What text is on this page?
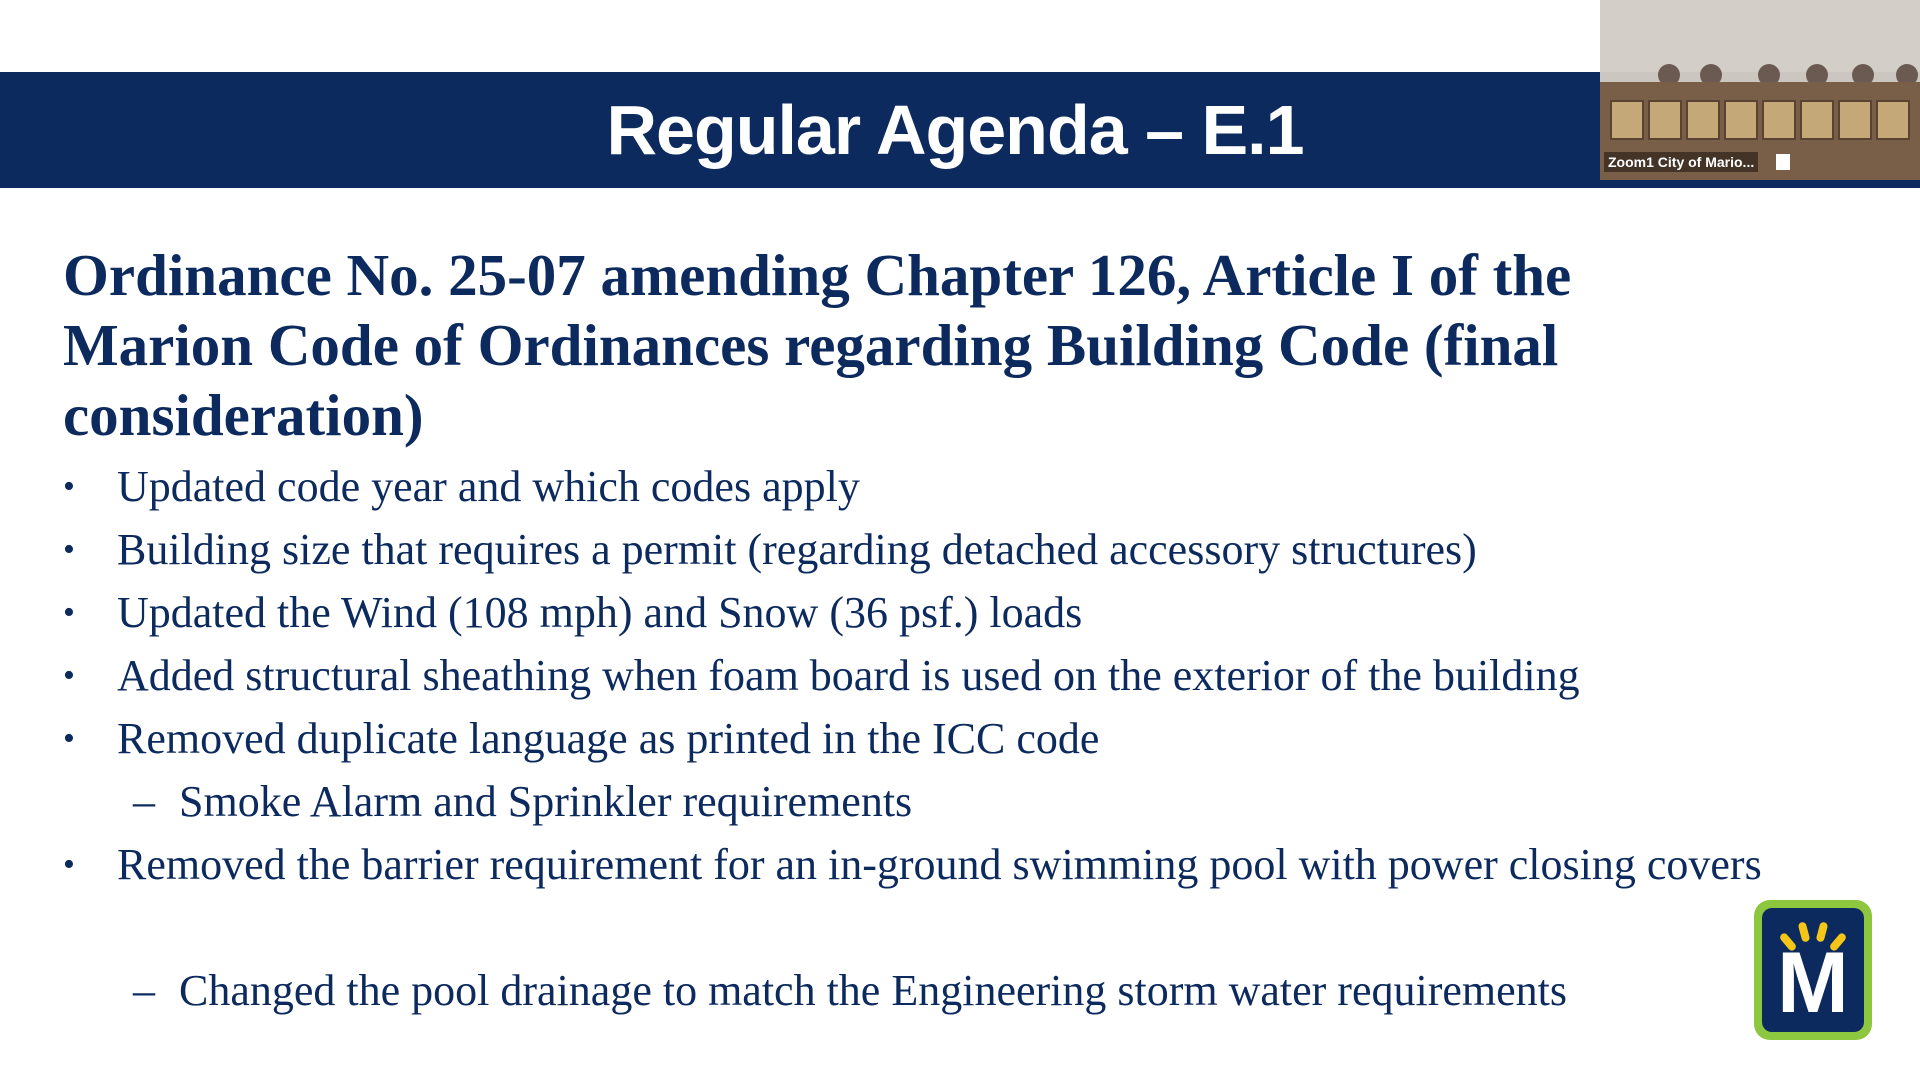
Regular Agenda – E.1	Zoom1 City of Mario...
Ordinance No. 25-07 amending Chapter 126, Article I of the Marion Code of Ordinances regarding Building Code (final consideration)
• Updated code year and which codes apply
• Building size that requires a permit (regarding detached accessory structures)
• Updated the Wind (108 mph) and Snow (36 psf.) loads
• Added structural sheathing when foam board is used on the exterior of the building
• Removed duplicate language as printed in the ICC code
– Smoke Alarm and Sprinkler requirements
• Removed the barrier requirement for an in-ground swimming pool with power closing covers
– Changed the pool drainage to match the Engineering storm water requirements	M
